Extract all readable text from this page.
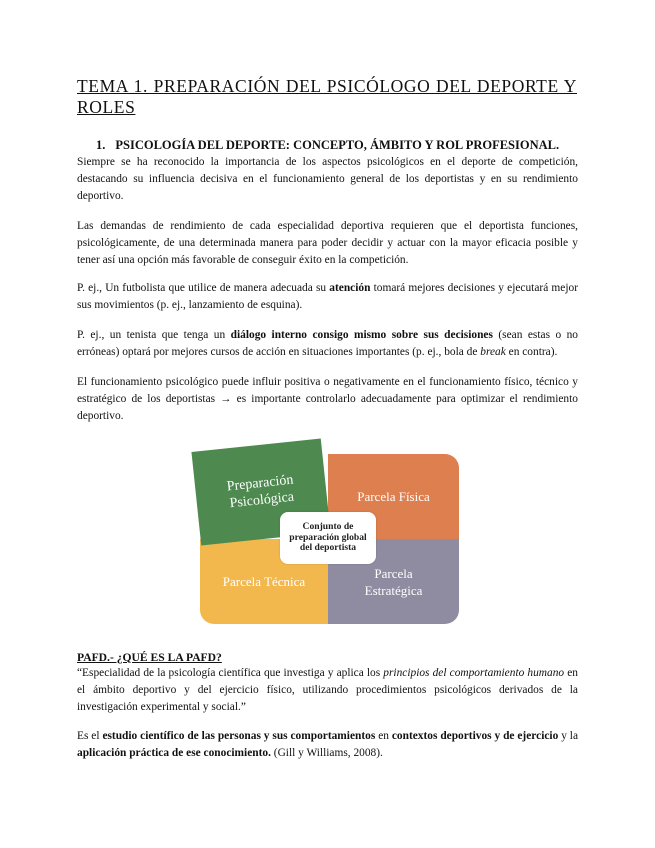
TEMA 1. PREPARACIÓN DEL PSICÓLOGO DEL DEPORTE Y ROLES
1. PSICOLOGÍA DEL DEPORTE: CONCEPTO, ÁMBITO Y ROL PROFESIONAL.

Siempre se ha reconocido la importancia de los aspectos psicológicos en el deporte de competición, destacando su influencia decisiva en el funcionamiento general de los deportistas y en su rendimiento deportivo.

Las demandas de rendimiento de cada especialidad deportiva requieren que el deportista funciones, psicológicamente, de una determinada manera para poder decidir y actuar con la mayor eficacia posible y tener así una opción más favorable de conseguir éxito en la competición.

P. ej., Un futbolista que utilice de manera adecuada su atención tomará mejores decisiones y ejecutará mejor sus movimientos (p. ej., lanzamiento de esquina).

P. ej., un tenista que tenga un diálogo interno consigo mismo sobre sus decisiones (sean estas o no erróneas) optará por mejores cursos de acción en situaciones importantes (p. ej., bola de break en contra).

El funcionamiento psicológico puede influir positiva o negativamente en el funcionamiento físico, técnico y estratégico de los deportistas → es importante controlarlo adecuadamente para optimizar el rendimiento deportivo.

Parcela Física
Parcela Técnica
Parcela Estratégica
Preparación Psicológica
Conjunto de preparación global del deportista
PAFD.- ¿QUÉ ES LA PAFD?

“Especialidad de la psicología científica que investiga y aplica los principios del comportamiento humano en el ámbito deportivo y del ejercicio físico, utilizando procedimientos psicológicos derivados de la investigación experimental y social.”

Es el estudio científico de las personas y sus comportamientos en contextos deportivos y de ejercicio y la aplicación práctica de ese conocimiento. (Gill y Williams, 2008).
